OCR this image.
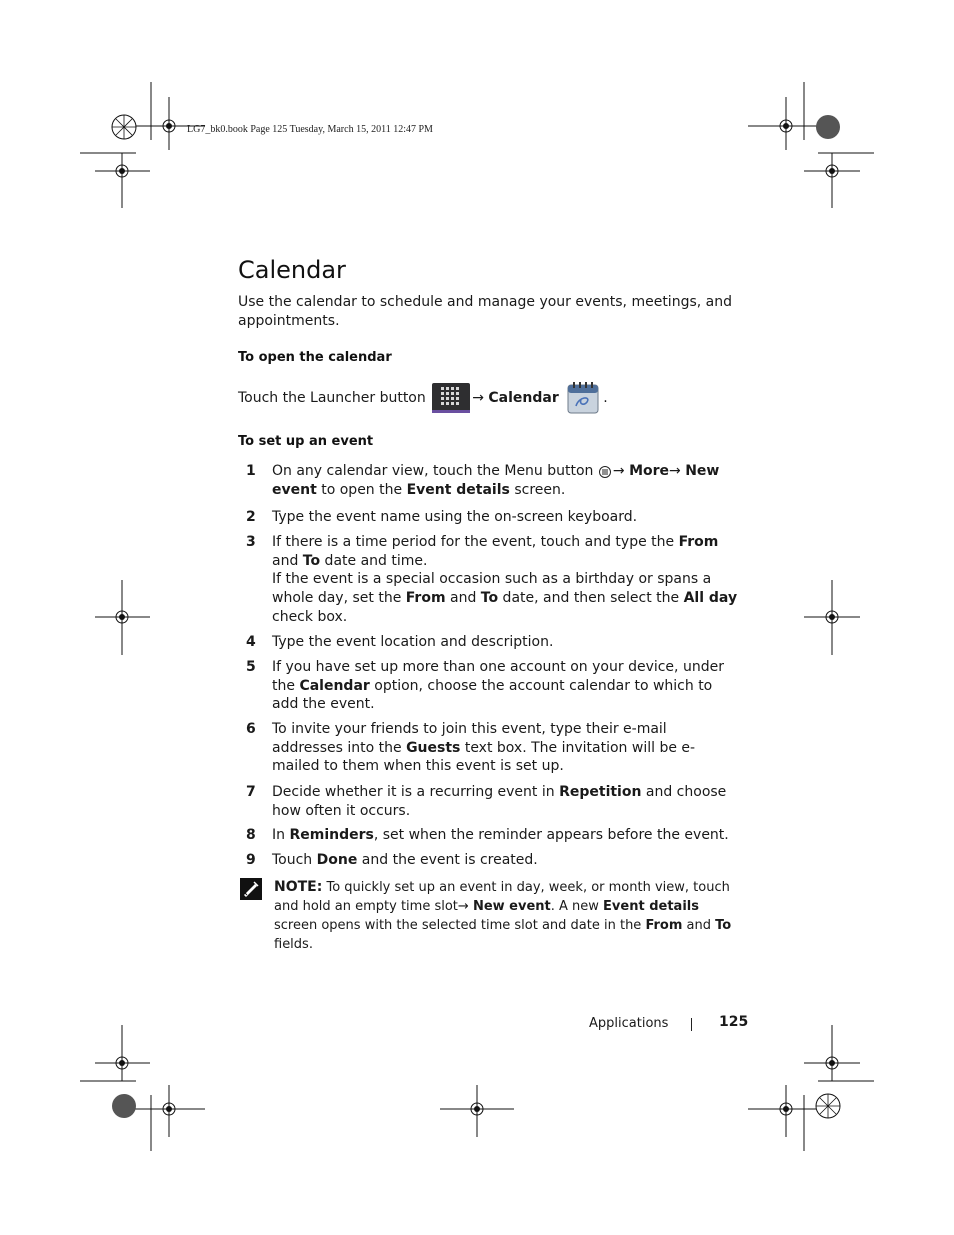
LG7_bk0.book Page 125 Tuesday, March 15, 2011 12:47 PM
Calendar
Use the calendar to schedule and manage your events, meetings, and appointments.
To open the calendar
Touch the Launcher button	→ Calendar	.
To set up an event
1	On any calendar view, touch the Menu button → More→ New event to open the Event details screen.
2	Type the event name using the on-screen keyboard.
3	If there is a time period for the event, touch and type the From and To date and time.
If the event is a special occasion such as a birthday or spans a whole day, set the From and To date, and then select the All day check box.
4	Type the event location and description.
5	If you have set up more than one account on your device, under the Calendar option, choose the account calendar to which to add the event.
6	To invite your friends to join this event, type their e-mail addresses into the Guests text box. The invitation will be e-mailed to them when this event is set up.
7	Decide whether it is a recurring event in Repetition and choose how often it occurs.
8	In Reminders, set when the reminder appears before the event.
9	Touch Done and the event is created.
NOTE: To quickly set up an event in day, week, or month view, touch and hold an empty time slot→ New event. A new Event details screen opens with the selected time slot and date in the From and To fields.
Applications	125
